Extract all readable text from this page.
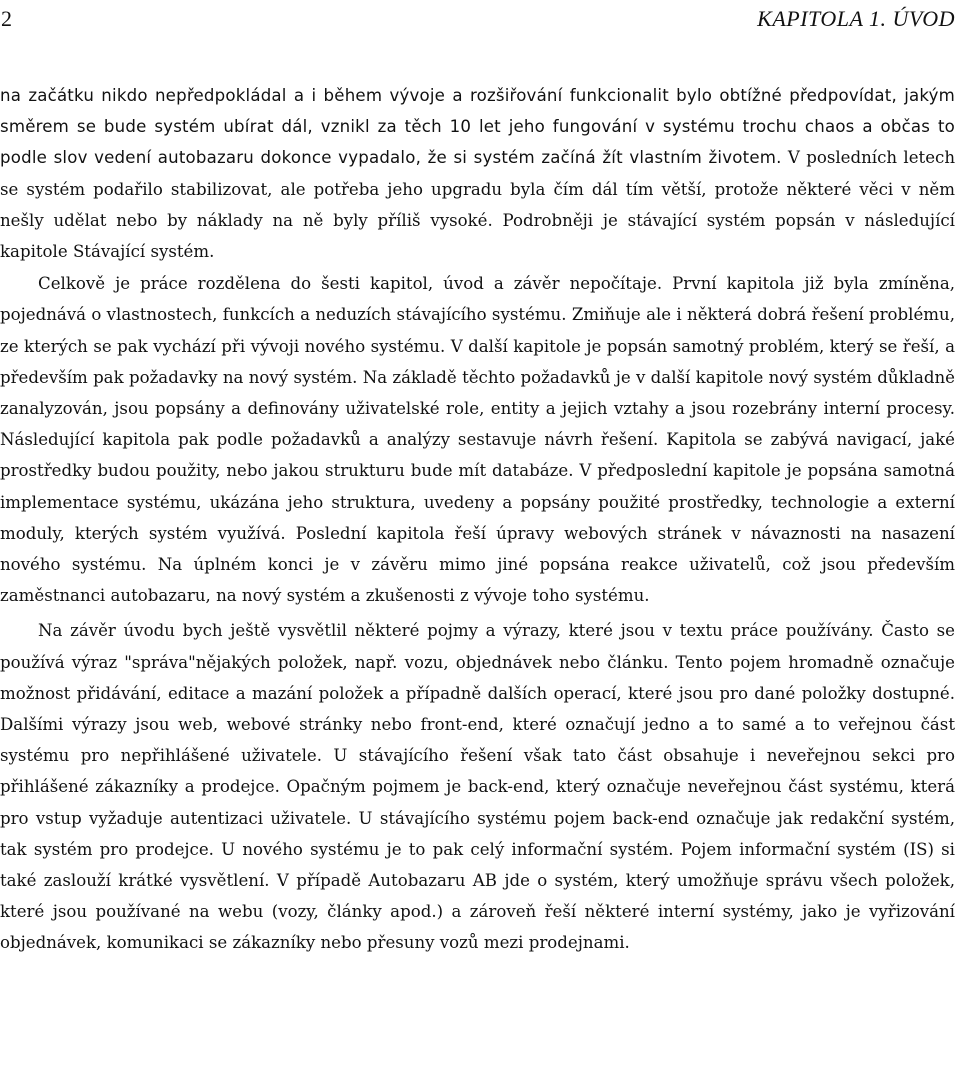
2	KAPITOLA 1. ÚVOD

na začátku nikdo nepředpokládal a i během vývoje a rozšiřování funkcionalit bylo obtížné předpovídat, jakým směrem se bude systém ubírat dál, vznikl za těch 10 let jeho fungování v systému trochu chaos a občas to podle slov vedení autobazaru dokonce vypadalo, že si systém začíná žít vlastním životem. V posledních letech se systém podařilo stabilizovat, ale potřeba jeho upgradu byla čím dál tím větší, protože některé věci v něm nešly udělat nebo by náklady na ně byly příliš vysoké. Podrobněji je stávající systém popsán v následující kapitole Stávající systém.

Celkově je práce rozdělena do šesti kapitol, úvod a závěr nepočítaje. První kapitola již byla zmíněna, pojednává o vlastnostech, funkcích a neduzích stávajícího systému. Zmiňuje ale i některá dobrá řešení problému, ze kterých se pak vychází při vývoji nového systému. V další kapitole je popsán samotný problém, který se řeší, a především pak požadavky na nový systém. Na základě těchto požadavků je v další kapitole nový systém důkladně zanalyzován, jsou popsány a definovány uživatelské role, entity a jejich vztahy a jsou rozebrány interní procesy. Následující kapitola pak podle požadavků a analýzy sestavuje návrh řešení. Kapitola se zabývá navigací, jaké prostředky budou použity, nebo jakou strukturu bude mít databáze. V předposlední kapitole je popsána samotná implementace systému, ukázána jeho struktura, uvedeny a popsány použité prostředky, technologie a externí moduly, kterých systém využívá. Poslední kapitola řeší úpravy webových stránek v návaznosti na nasazení nového systému. Na úplném konci je v závěru mimo jiné popsána reakce uživatelů, což jsou především zaměstnanci autobazaru, na nový systém a zkušenosti z vývoje toho systému.

Na závěr úvodu bych ještě vysvětlil některé pojmy a výrazy, které jsou v textu práce používány. Často se používá výraz "správa"nějakých položek, např. vozu, objednávek nebo článku. Tento pojem hromadně označuje možnost přidávání, editace a mazání položek a případně dalších operací, které jsou pro dané položky dostupné. Dalšími výrazy jsou web, webové stránky nebo front-end, které označují jedno a to samé a to veřejnou část systému pro nepřihlášené uživatele. U stávajícího řešení však tato část obsahuje i neveřejnou sekci pro přihlášené zákazníky a prodejce. Opačným pojmem je back-end, který označuje neveřejnou část systému, která pro vstup vyžaduje autentizaci uživatele. U stávajícího systému pojem back-end označuje jak redakční systém, tak systém pro prodejce. U nového systému je to pak celý informační systém. Pojem informační systém (IS) si také zaslouží krátké vysvětlení. V případě Autobazaru AB jde o systém, který umožňuje správu všech položek, které jsou používané na webu (vozy, články apod.) a zároveň řeší některé interní systémy, jako je vyřizování objednávek, komunikaci se zákazníky nebo přesuny vozů mezi prodejnami.
